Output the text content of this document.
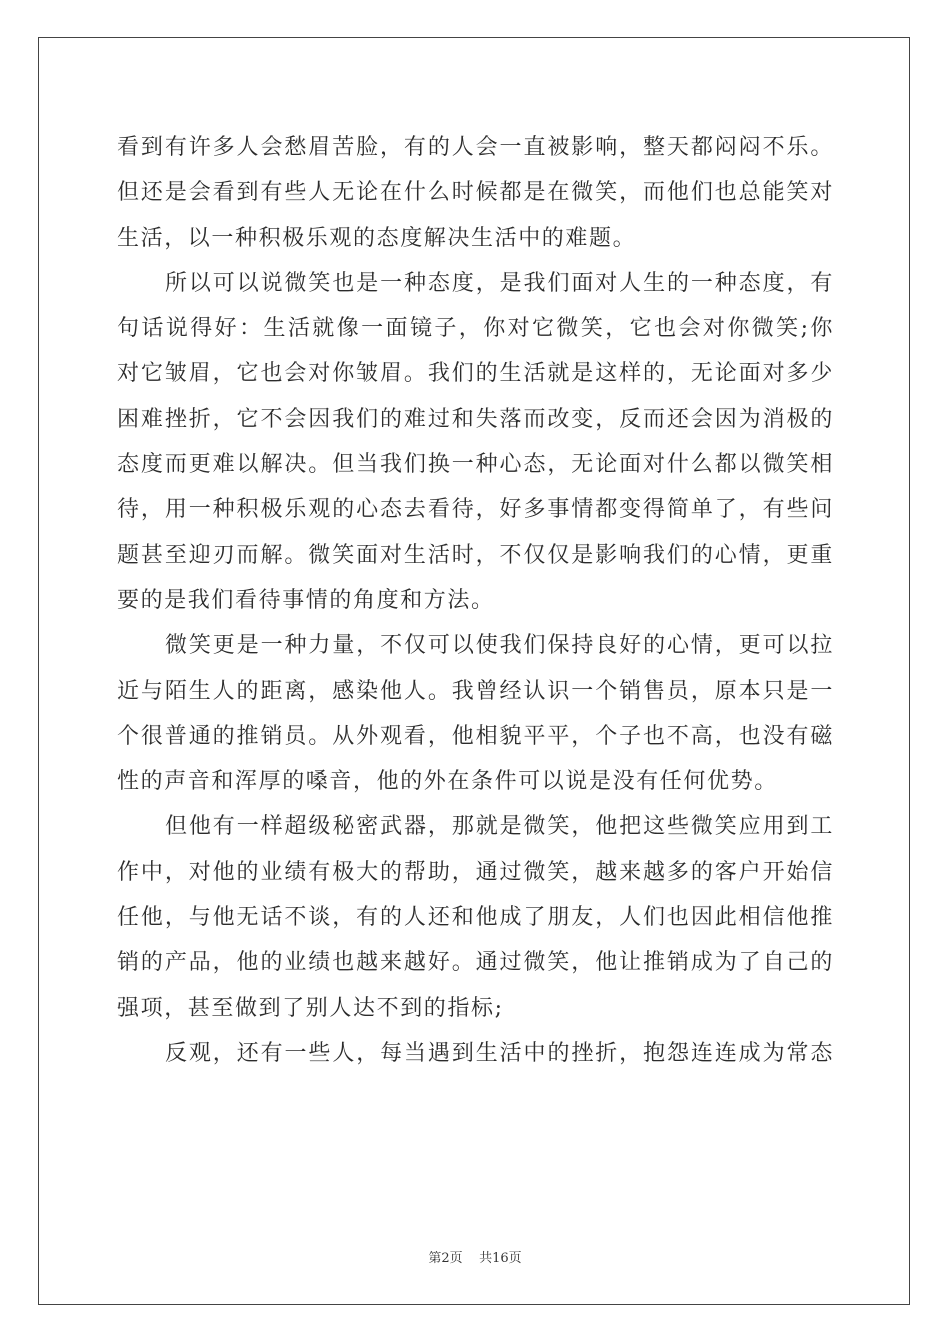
看到有许多人会愁眉苦脸，有的人会一直被影响，整天都闷闷不乐。
但还是会看到有些人无论在什么时候都是在微笑，而他们也总能笑对
生活，以一种积极乐观的态度解决生活中的难题。
所以可以说微笑也是一种态度，是我们面对人生的一种态度，有
句话说得好：生活就像一面镜子，你对它微笑，它也会对你微笑;你
对它皱眉，它也会对你皱眉。我们的生活就是这样的，无论面对多少
困难挫折，它不会因我们的难过和失落而改变，反而还会因为消极的
态度而更难以解决。但当我们换一种心态，无论面对什么都以微笑相
待，用一种积极乐观的心态去看待，好多事情都变得简单了，有些问
题甚至迎刃而解。微笑面对生活时，不仅仅是影响我们的心情，更重
要的是我们看待事情的角度和方法。
微笑更是一种力量，不仅可以使我们保持良好的心情，更可以拉
近与陌生人的距离，感染他人。我曾经认识一个销售员，原本只是一
个很普通的推销员。从外观看，他相貌平平，个子也不高，也没有磁
性的声音和浑厚的嗓音，他的外在条件可以说是没有任何优势。
但他有一样超级秘密武器，那就是微笑，他把这些微笑应用到工
作中，对他的业绩有极大的帮助，通过微笑，越来越多的客户开始信
任他，与他无话不谈，有的人还和他成了朋友，人们也因此相信他推
销的产品，他的业绩也越来越好。通过微笑，他让推销成为了自己的
强项，甚至做到了别人达不到的指标;
反观，还有一些人，每当遇到生活中的挫折，抱怨连连成为常态
第2页 共16页
